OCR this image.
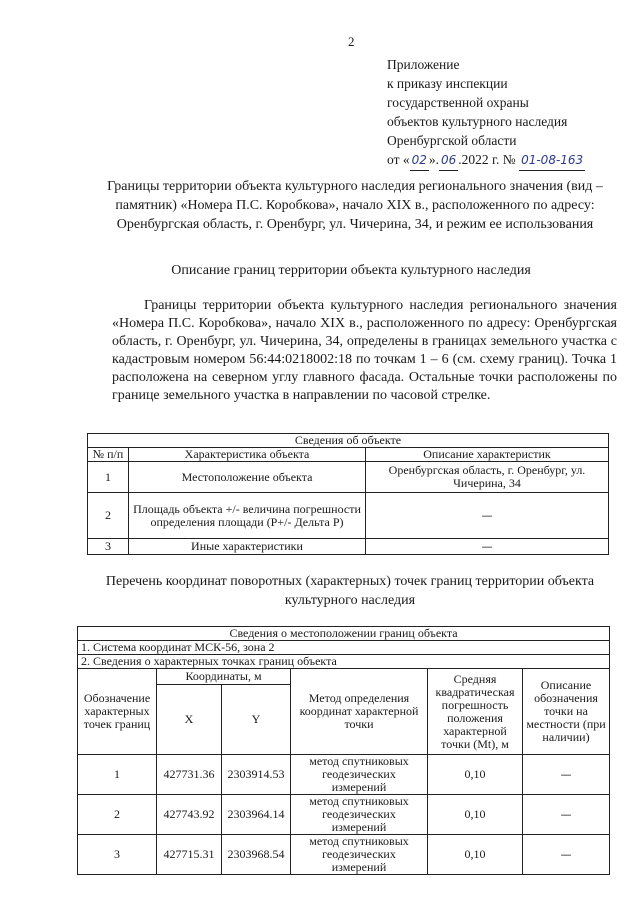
2
Приложение
к приказу инспекции
государственной охраны
объектов культурного наследия
Оренбургской области
от « 02 ». 06 .2022 г. № 01-08-163
Границы территории объекта культурного наследия регионального значения (вид – памятник) «Номера П.С. Коробкова», начало XIX в., расположенного по адресу: Оренбургская область, г. Оренбург, ул. Чичерина, 34, и режим ее использования
Описание границ территории объекта культурного наследия
Границы территории объекта культурного наследия регионального значения «Номера П.С. Коробкова», начало XIX в., расположенного по адресу: Оренбургская область, г. Оренбург, ул. Чичерина, 34, определены в границах земельного участка с кадастровым номером 56:44:0218002:18 по точкам 1 – 6 (см. схему границ). Точка 1 расположена на северном углу главного фасада. Остальные точки расположены по границе земельного участка в направлении по часовой стрелке.
Сведения об объекте		
№ п/п	Характеристика объекта	Описание характеристик
1	Местоположение объекта	Оренбургская область, г. Оренбург, ул. Чичерина, 34
2	Площадь объекта +/- величина погрешности определения площади (Р+/- Дельта Р)	—
3	Иные характеристики	—
Перечень координат поворотных (характерных) точек границ территории объекта культурного наследия
Сведения о местоположении границ объекта					
1. Система координат МСК-56, зона 2					
2. Сведения о характерных точках границ объекта					
Обозначение характерных точек границ	Координаты, м		Метод определения координат характерной точки	Средняя квадратическая погрешность положения характерной точки (Mt), м	Описание обозначения точки на местности (при наличии)
	X	Y			
1	427731.36	2303914.53	метод спутниковых геодезических измерений	0,10	—
2	427743.92	2303964.14	метод спутниковых геодезических измерений	0,10	—
3	427715.31	2303968.54	метод спутниковых геодезических измерений	0,10	—
